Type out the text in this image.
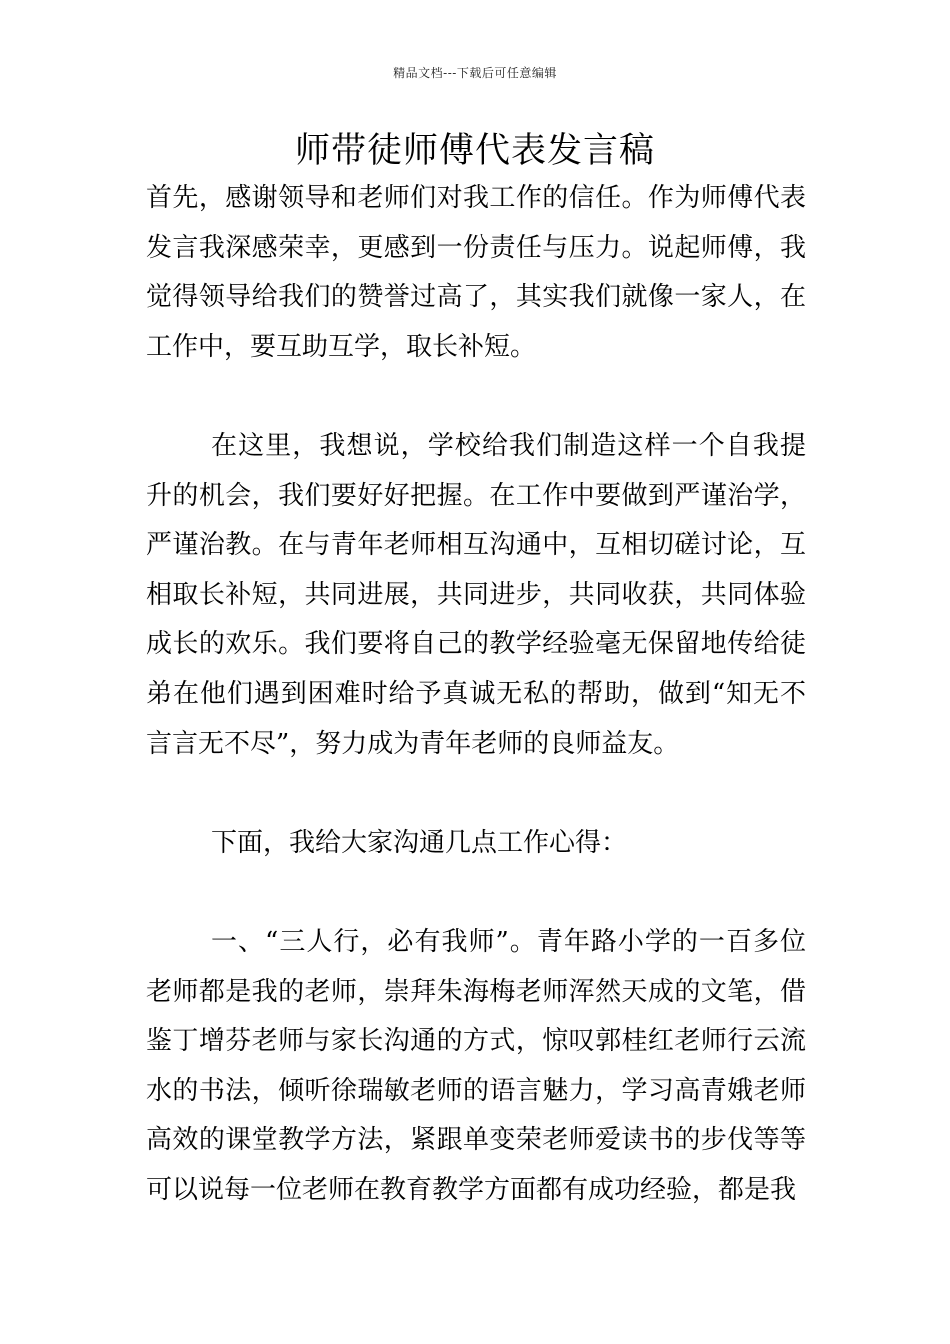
精品文档---下载后可任意编辑
师带徒师傅代表发言稿

首先，感谢领导和老师们对我工作的信任。作为师傅代表发言我深感荣幸，更感到一份责任与压力。说起师傅，我觉得领导给我们的赞誉过高了，其实我们就像一家人，在工作中，要互助互学，取长补短。

在这里，我想说，学校给我们制造这样一个自我提升的机会，我们要好好把握。在工作中要做到严谨治学，严谨治教。在与青年老师相互沟通中，互相切磋讨论，互相取长补短，共同进展，共同进步，共同收获，共同体验成长的欢乐。我们要将自己的教学经验毫无保留地传给徒弟在他们遇到困难时给予真诚无私的帮助，做到“知无不言言无不尽”，努力成为青年老师的良师益友。

下面，我给大家沟通几点工作心得：

一、“三人行，必有我师”。青年路小学的一百多位老师都是我的老师，崇拜朱海梅老师浑然天成的文笔，借鉴丁增芬老师与家长沟通的方式，惊叹郭桂红老师行云流水的书法，倾听徐瑞敏老师的语言魅力，学习高青娥老师高效的课堂教学方法，紧跟单变荣老师爱读书的步伐等等可以说每一位老师在教育教学方面都有成功经验，都是我
